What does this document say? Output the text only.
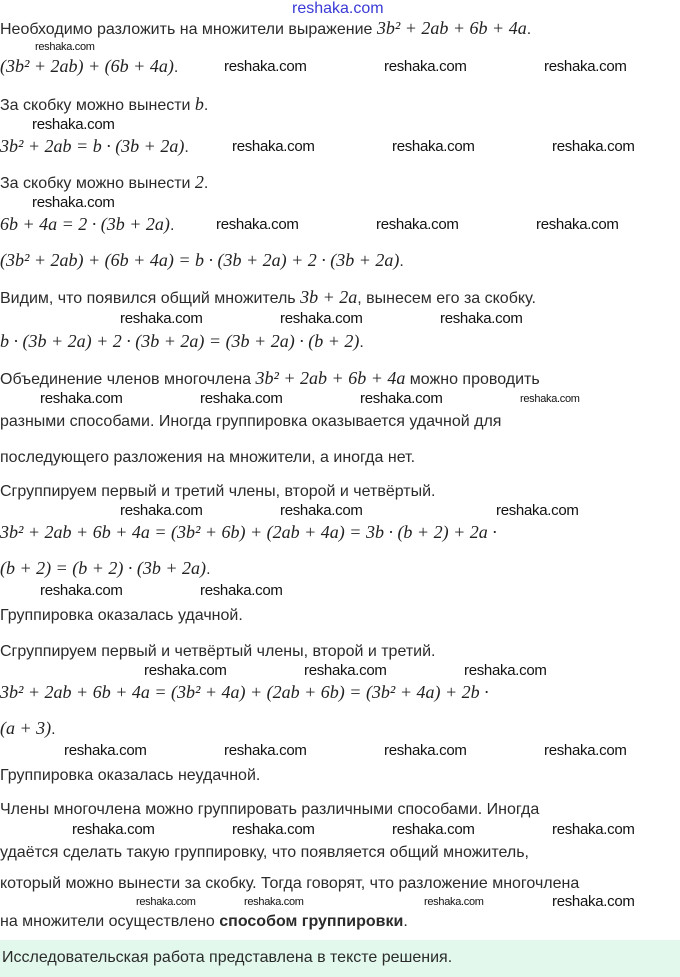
reshaka.com
Необходимо разложить на множители выражение 3b² + 2ab + 6b + 4a.
(3b² + 2ab) + (6b + 4a).
За скобку можно вынести b.
3b² + 2ab = b · (3b + 2a).
За скобку можно вынести 2.
6b + 4a = 2 · (3b + 2a).
(3b² + 2ab) + (6b + 4a) = b · (3b + 2a) + 2 · (3b + 2a).
Видим, что появился общий множитель 3b + 2a, вынесем его за скобку.
b · (3b + 2a) + 2 · (3b + 2a) = (3b + 2a) · (b + 2).
Объединение членов многочлена 3b² + 2ab + 6b + 4a можно проводить
разными способами. Иногда группировка оказывается удачной для
последующего разложения на множители, а иногда нет.
Сгруппируем первый и третий члены, второй и четвёртый.
3b² + 2ab + 6b + 4a = (3b² + 6b) + (2ab + 4a) = 3b · (b + 2) + 2a ·
(b + 2) = (b + 2) · (3b + 2a).
Группировка оказалась удачной.
Сгруппируем первый и четвёртый члены, второй и третий.
3b² + 2ab + 6b + 4a = (3b² + 4a) + (2ab + 6b) = (3b² + 4a) + 2b ·
(a + 3).
Группировка оказалась неудачной.
Члены многочлена можно группировать различными способами. Иногда
удаётся сделать такую группировку, что появляется общий множитель,
который можно вынести за скобку. Тогда говорят, что разложение многочлена
на множители осуществлено способом группировки.
Исследовательская работа представлена в тексте решения.
reshaka.com
reshaka.com	reshaka.com	reshaka.com
reshaka.com
reshaka.com	reshaka.com	reshaka.com
reshaka.com
reshaka.com	reshaka.com	reshaka.com
reshaka.com	reshaka.com	reshaka.com
reshaka.com	reshaka.com	reshaka.com	reshaka.com
reshaka.com	reshaka.com
reshaka.com
reshaka.com	reshaka.com
reshaka.com	reshaka.com	reshaka.com
reshaka.com	reshaka.com	reshaka.com	reshaka.com
reshaka.com	reshaka.com	reshaka.com	reshaka.com
reshaka.com	reshaka.com	reshaka.com	reshaka.com
